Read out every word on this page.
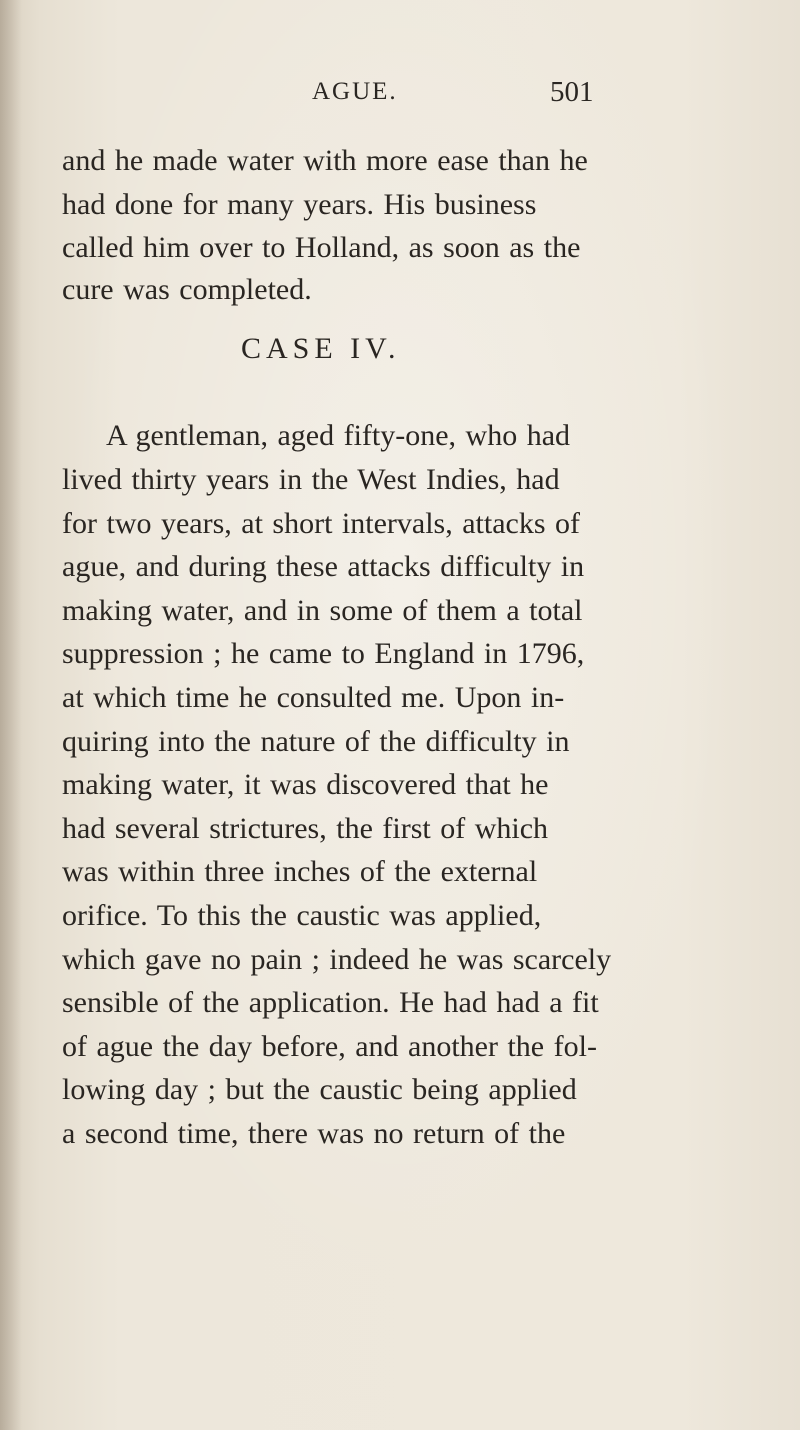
AGUE.	501
and he made water with more ease than he
had done for many years. His business
called him over to Holland, as soon as the
cure was completed.
CASE IV.
A gentleman, aged fifty-one, who had
lived thirty years in the West Indies, had
for two years, at short intervals, attacks of
ague, and during these attacks difficulty in
making water, and in some of them a total
suppression ; he came to England in 1796,
at which time he consulted me. Upon in-
quiring into the nature of the difficulty in
making water, it was discovered that he
had several strictures, the first of which
was within three inches of the external
orifice. To this the caustic was applied,
which gave no pain ; indeed he was scarcely
sensible of the application. He had had a fit
of ague the day before, and another the fol-
lowing day ; but the caustic being applied
a second time, there was no return of the
